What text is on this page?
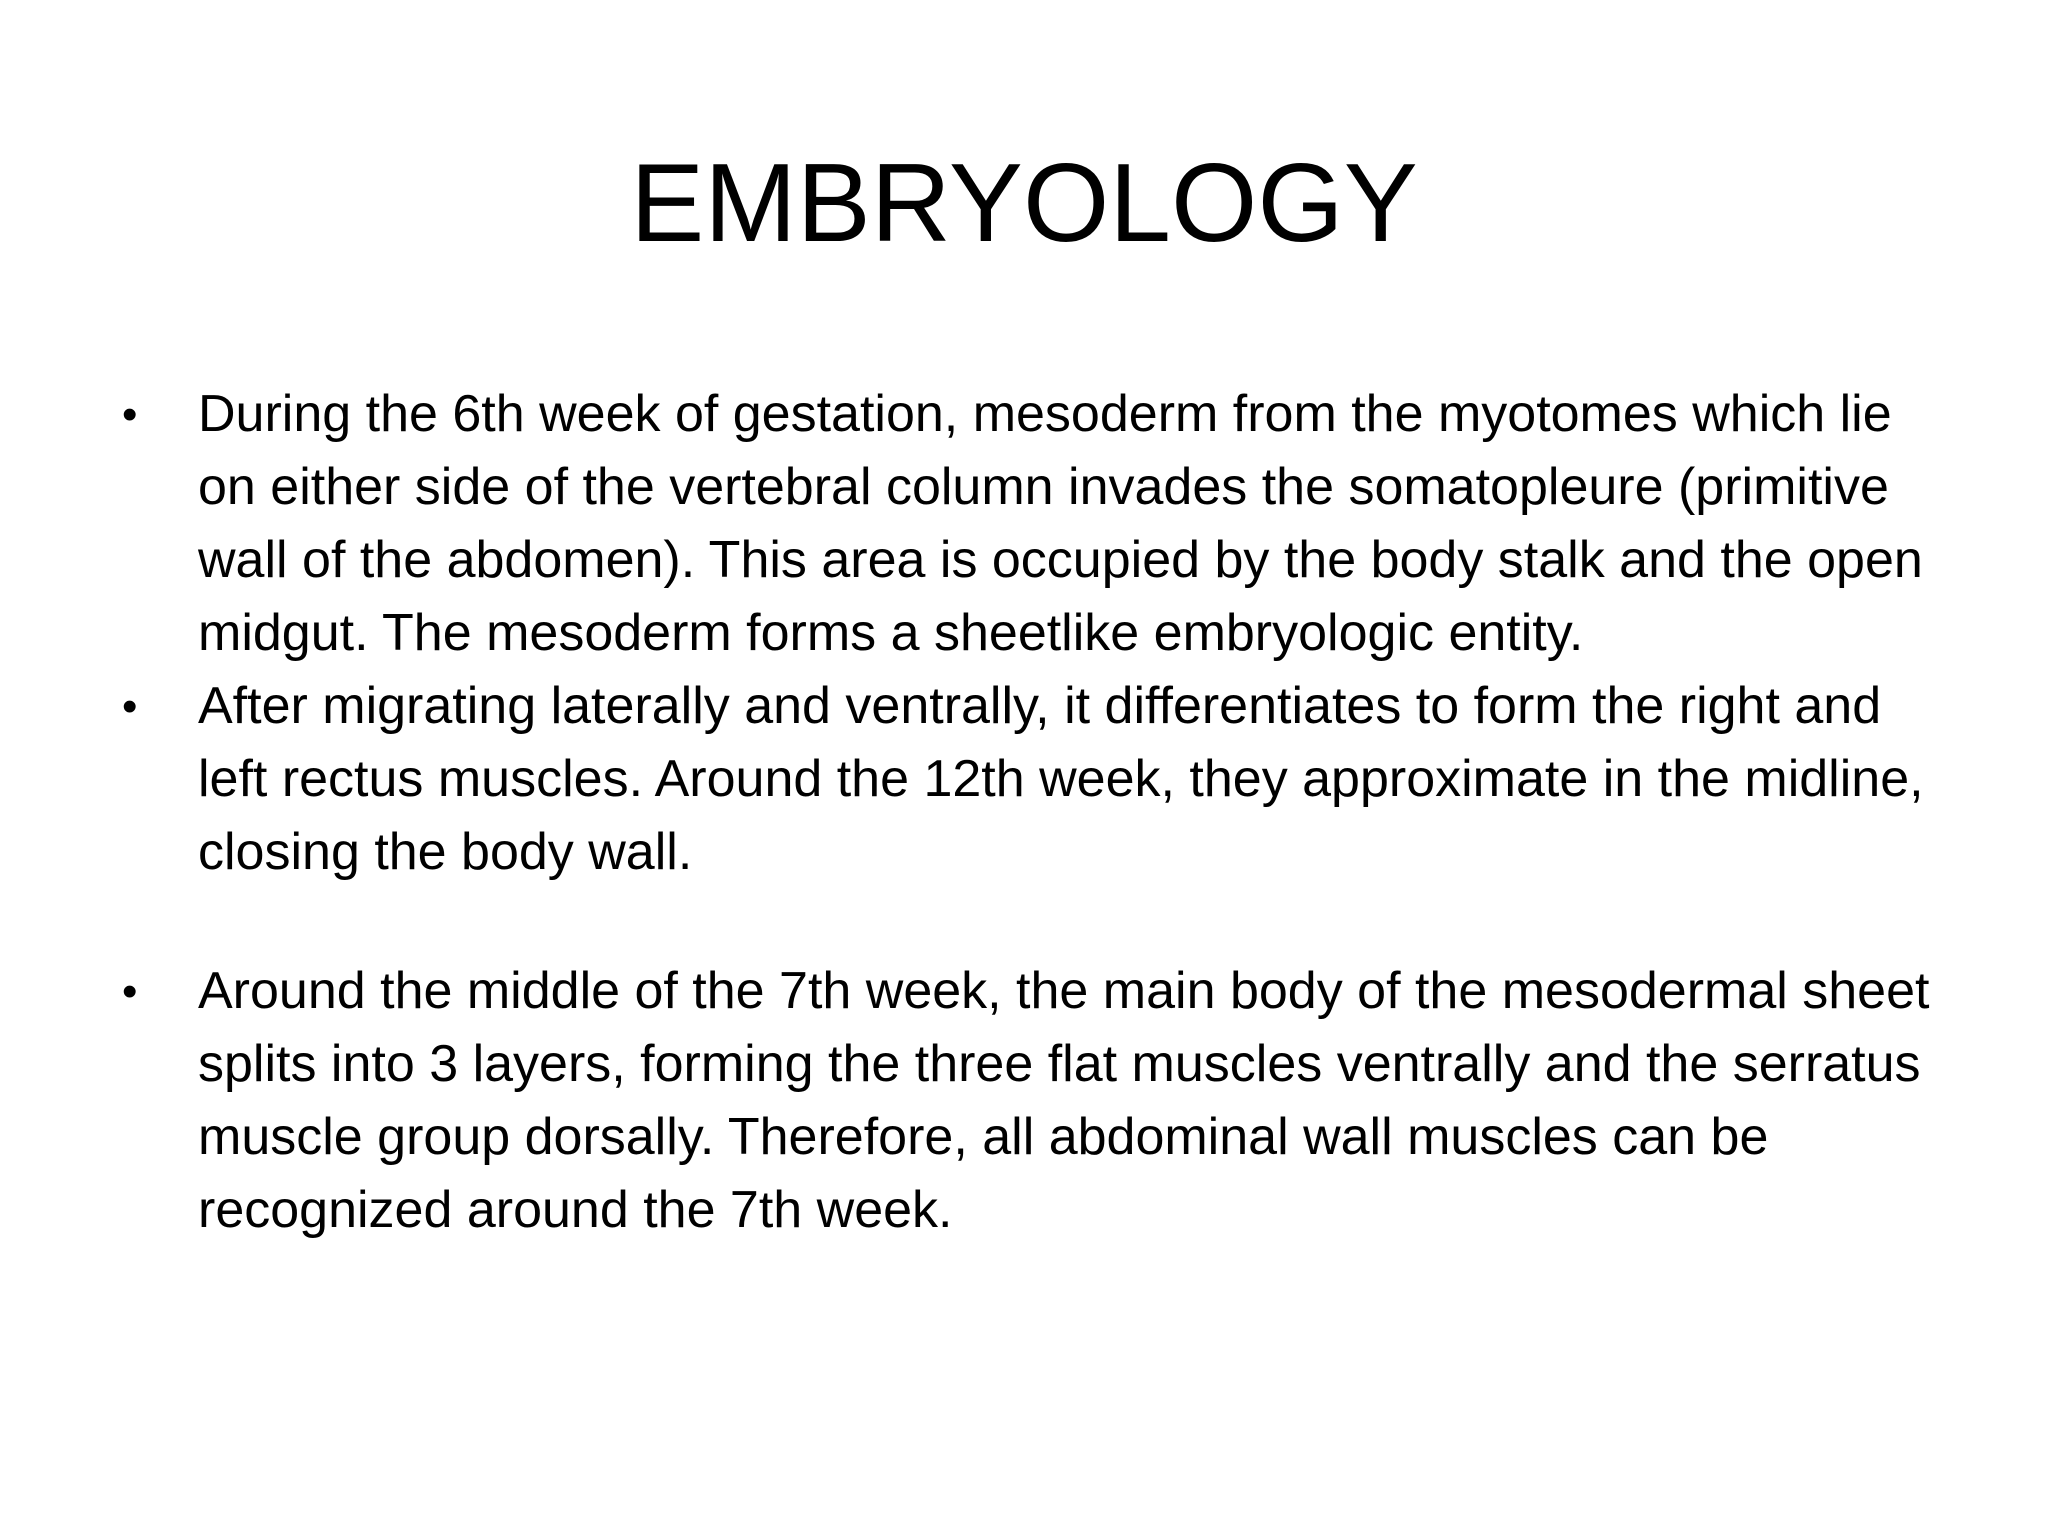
EMBRYOLOGY
• During the 6th week of gestation, mesoderm from the myotomes which lie on either side of the vertebral column invades the somatopleure (primitive wall of the abdomen). This area is occupied by the body stalk and the open midgut. The mesoderm forms a sheetlike embryologic entity.
• After migrating laterally and ventrally, it differentiates to form the right and left rectus muscles. Around the 12th week, they approximate in the midline, closing the body wall.
• Around the middle of the 7th week, the main body of the mesodermal sheet splits into 3 layers, forming the three flat muscles ventrally and the serratus muscle group dorsally. Therefore, all abdominal wall muscles can be recognized around the 7th week.
